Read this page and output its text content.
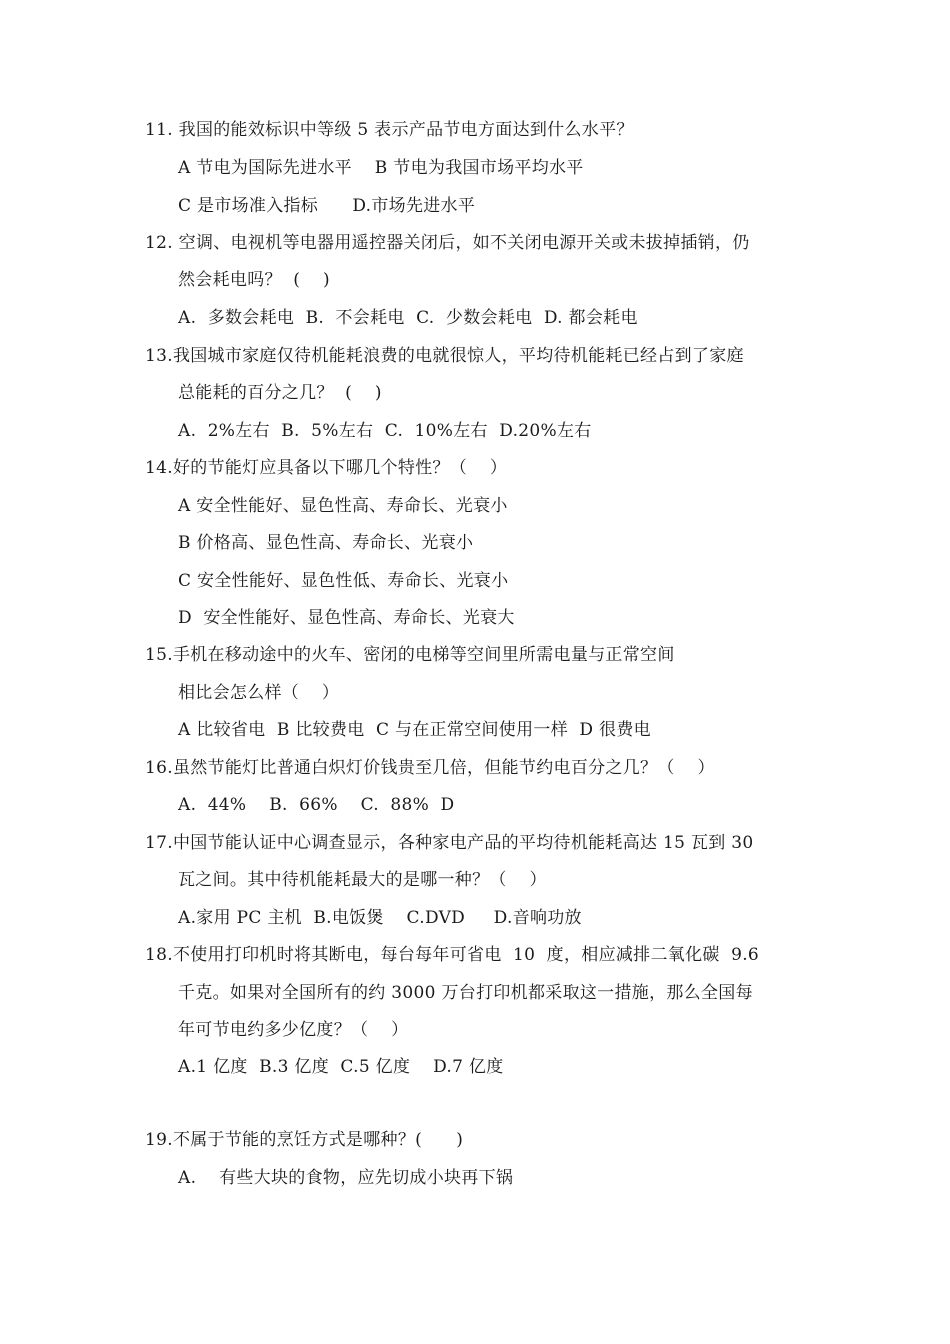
11. 我国的能效标识中等级 5 表示产品节电方面达到什么水平？
A 节电为国际先进水平    B 节电为我国市场平均水平
C 是市场准入指标      D.市场先进水平
12. 空调、电视机等电器用遥控器关闭后，如不关闭电源开关或未拔掉插销，仍
然会耗电吗？  (    )
A.  多数会耗电  B.  不会耗电  C.  少数会耗电  D. 都会耗电
13.我国城市家庭仅待机能耗浪费的电就很惊人，平均待机能耗已经占到了家庭
总能耗的百分之几？  (    )
A.  2%左右  B.  5%左右  C.  10%左右  D.20%左右
14.好的节能灯应具备以下哪几个特性？（    ）
A 安全性能好、显色性高、寿命长、光衰小
B 价格高、显色性高、寿命长、光衰小
C 安全性能好、显色性低、寿命长、光衰小
D  安全性能好、显色性高、寿命长、光衰大
15.手机在移动途中的火车、密闭的电梯等空间里所需电量与正常空间
相比会怎么样（    ）
A 比较省电  B 比较费电  C 与在正常空间使用一样  D 很费电
16.虽然节能灯比普通白炽灯价钱贵至几倍，但能节约电百分之几？（    ）
A.  44%    B.  66%    C.  88%  D
17.中国节能认证中心调查显示，各种家电产品的平均待机能耗高达 15 瓦到 30
瓦之间。其中待机能耗最大的是哪一种？（    ）
A.家用 PC 主机  B.电饭煲    C.DVD     D.音响功放
18.不使用打印机时将其断电，每台每年可省电  10  度，相应减排二氧化碳  9.6
千克。如果对全国所有的约 3000 万台打印机都采取这一措施，那么全国每
年可节电约多少亿度？（    ）
A.1 亿度  B.3 亿度  C.5 亿度    D.7 亿度
19.不属于节能的烹饪方式是哪种？(      )
A.    有些大块的食物，应先切成小块再下锅
